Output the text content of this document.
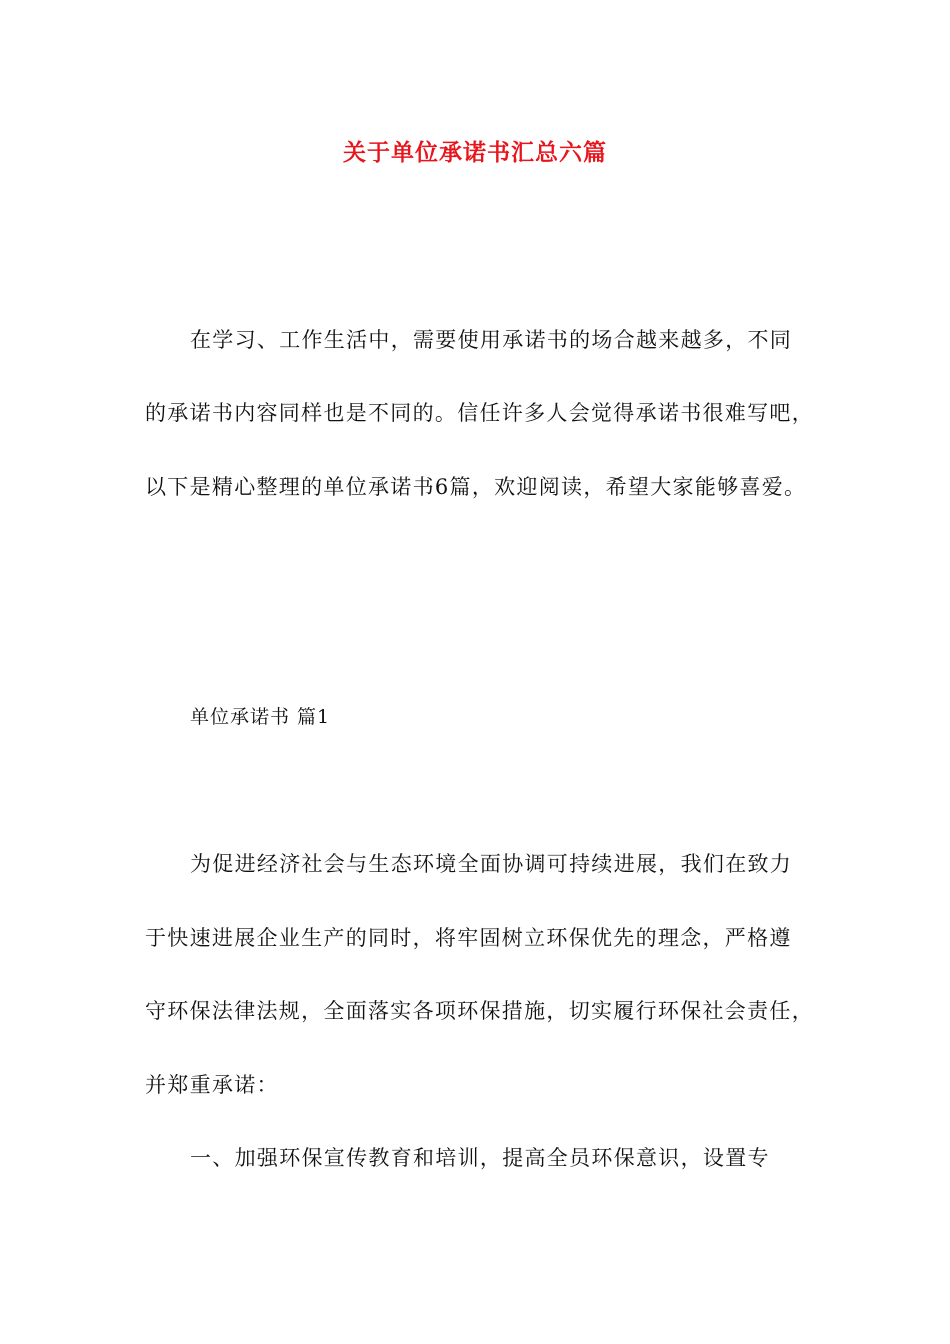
关于单位承诺书汇总六篇
在学习、工作生活中，需要使用承诺书的场合越来越多，不同
的承诺书内容同样也是不同的。信任许多人会觉得承诺书很难写吧，
以下是精心整理的单位承诺书6篇，欢迎阅读，希望大家能够喜爱。
单位承诺书 篇1
为促进经济社会与生态环境全面协调可持续进展，我们在致力
于快速进展企业生产的同时，将牢固树立环保优先的理念，严格遵
守环保法律法规，全面落实各项环保措施，切实履行环保社会责任，
并郑重承诺：
一、加强环保宣传教育和培训，提高全员环保意识，设置专
